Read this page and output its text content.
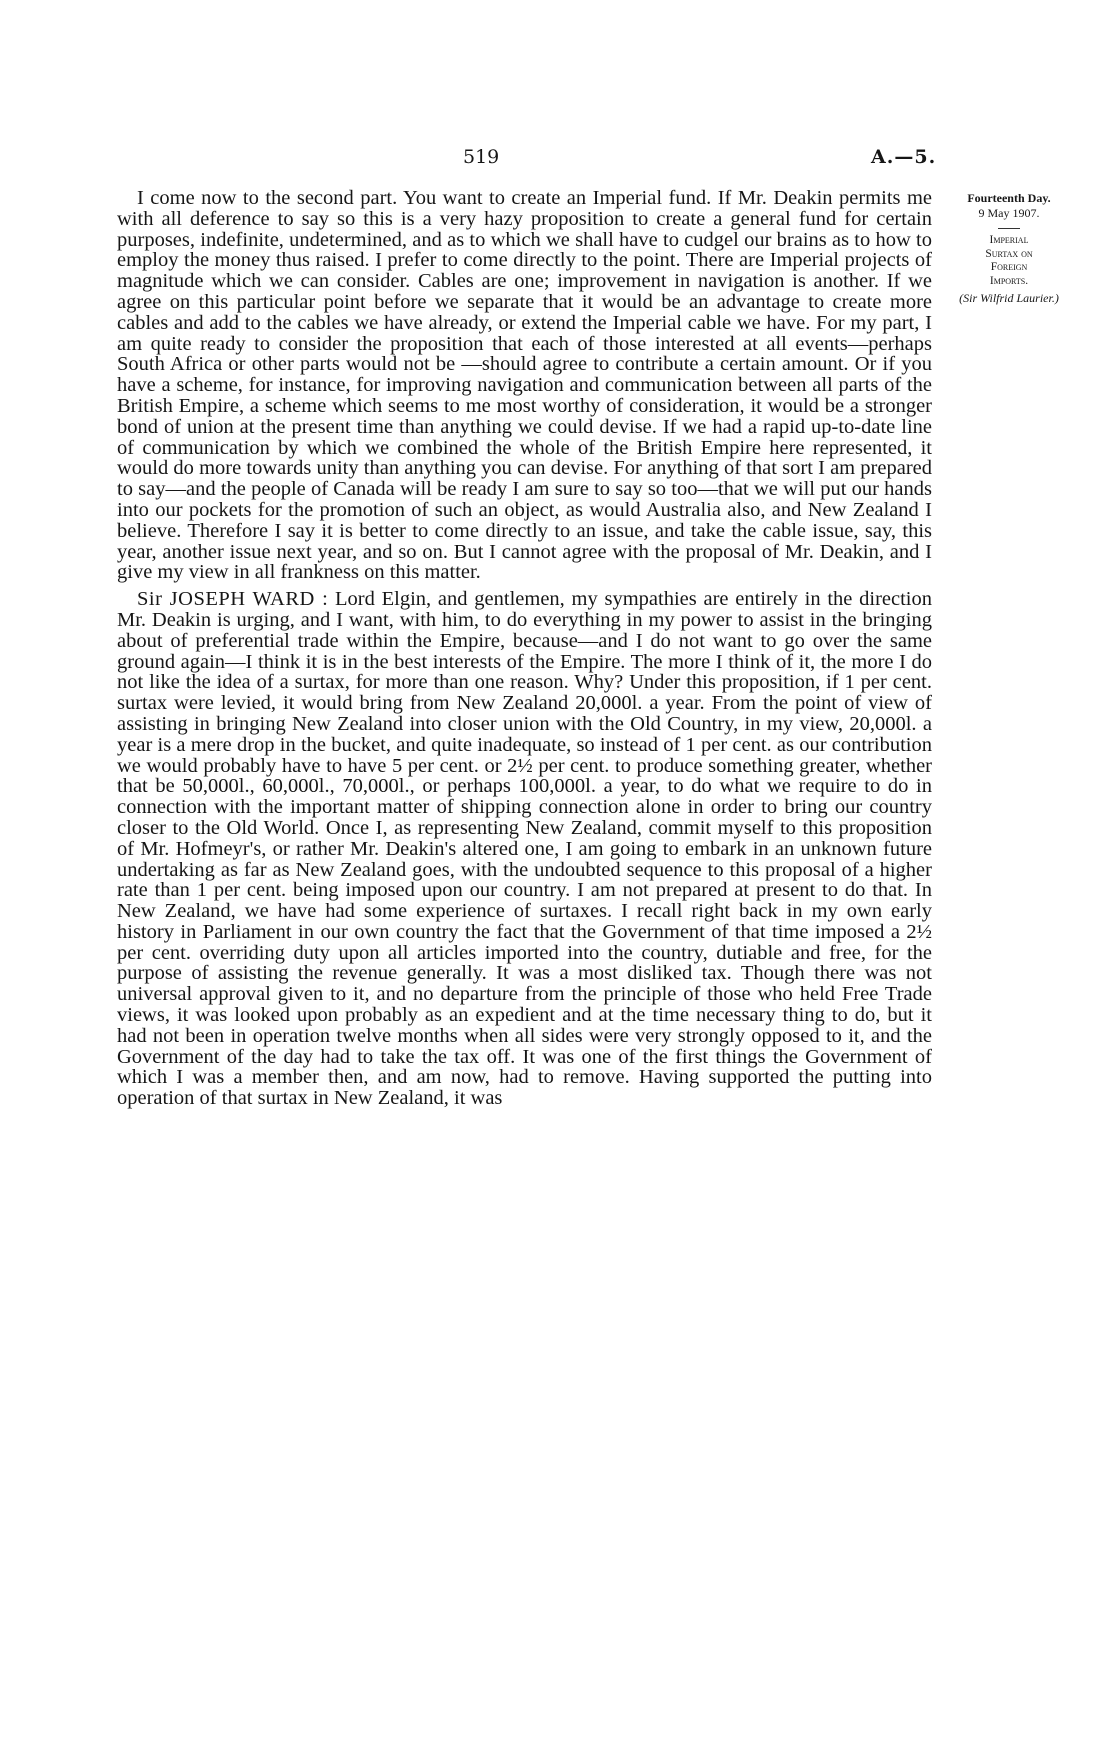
519	A.—5.

I come now to the second part. You want to create an Imperial fund. If Mr. Deakin permits me with all deference to say so this is a very hazy proposition to create a general fund for certain purposes, indefinite, undetermined, and as to which we shall have to cudgel our brains as to how to employ the money thus raised. I prefer to come directly to the point. There are Imperial projects of magnitude which we can consider. Cables are one; improvement in navigation is another. If we agree on this particular point before we separate that it would be an advantage to create more cables and add to the cables we have already, or extend the Imperial cable we have. For my part, I am quite ready to consider the proposition that each of those interested at all events—perhaps South Africa or other parts would not be —should agree to contribute a certain amount. Or if you have a scheme, for instance, for improving navigation and communication between all parts of the British Empire, a scheme which seems to me most worthy of consideration, it would be a stronger bond of union at the present time than anything we could devise. If we had a rapid up-to-date line of communication by which we combined the whole of the British Empire here represented, it would do more towards unity than anything you can devise. For anything of that sort I am prepared to say—and the people of Canada will be ready I am sure to say so too—that we will put our hands into our pockets for the promotion of such an object, as would Australia also, and New Zealand I believe. Therefore I say it is better to come directly to an issue, and take the cable issue, say, this year, another issue next year, and so on. But I cannot agree with the proposal of Mr. Deakin, and I give my view in all frankness on this matter.

Sir JOSEPH WARD : Lord Elgin, and gentlemen, my sympathies are entirely in the direction Mr. Deakin is urging, and I want, with him, to do everything in my power to assist in the bringing about of preferential trade within the Empire, because—and I do not want to go over the same ground again—I think it is in the best interests of the Empire. The more I think of it, the more I do not like the idea of a surtax, for more than one reason. Why? Under this proposition, if 1 per cent. surtax were levied, it would bring from New Zealand 20,000l. a year. From the point of view of assisting in bringing New Zealand into closer union with the Old Country, in my view, 20,000l. a year is a mere drop in the bucket, and quite inadequate, so instead of 1 per cent. as our contribution we would probably have to have 5 per cent. or 2½ per cent. to produce something greater, whether that be 50,000l., 60,000l., 70,000l., or perhaps 100,000l. a year, to do what we require to do in connection with the important matter of shipping connection alone in order to bring our country closer to the Old World. Once I, as representing New Zealand, commit myself to this proposition of Mr. Hofmeyr's, or rather Mr. Deakin's altered one, I am going to embark in an unknown future undertaking as far as New Zealand goes, with the undoubted sequence to this proposal of a higher rate than 1 per cent. being imposed upon our country. I am not prepared at present to do that. In New Zealand, we have had some experience of surtaxes. I recall right back in my own early history in Parliament in our own country the fact that the Government of that time imposed a 2½ per cent. overriding duty upon all articles imported into the country, dutiable and free, for the purpose of assisting the revenue generally. It was a most disliked tax. Though there was not universal approval given to it, and no departure from the principle of those who held Free Trade views, it was looked upon probably as an expedient and at the time necessary thing to do, but it had not been in operation twelve months when all sides were very strongly opposed to it, and the Government of the day had to take the tax off. It was one of the first things the Government of which I was a member then, and am now, had to remove. Having supported the putting into operation of that surtax in New Zealand, it was

Fourteenth Day.
9 May 1907.
Imperial
Surtax on
Foreign
Imports.
(Sir Wilfrid Laurier.)
